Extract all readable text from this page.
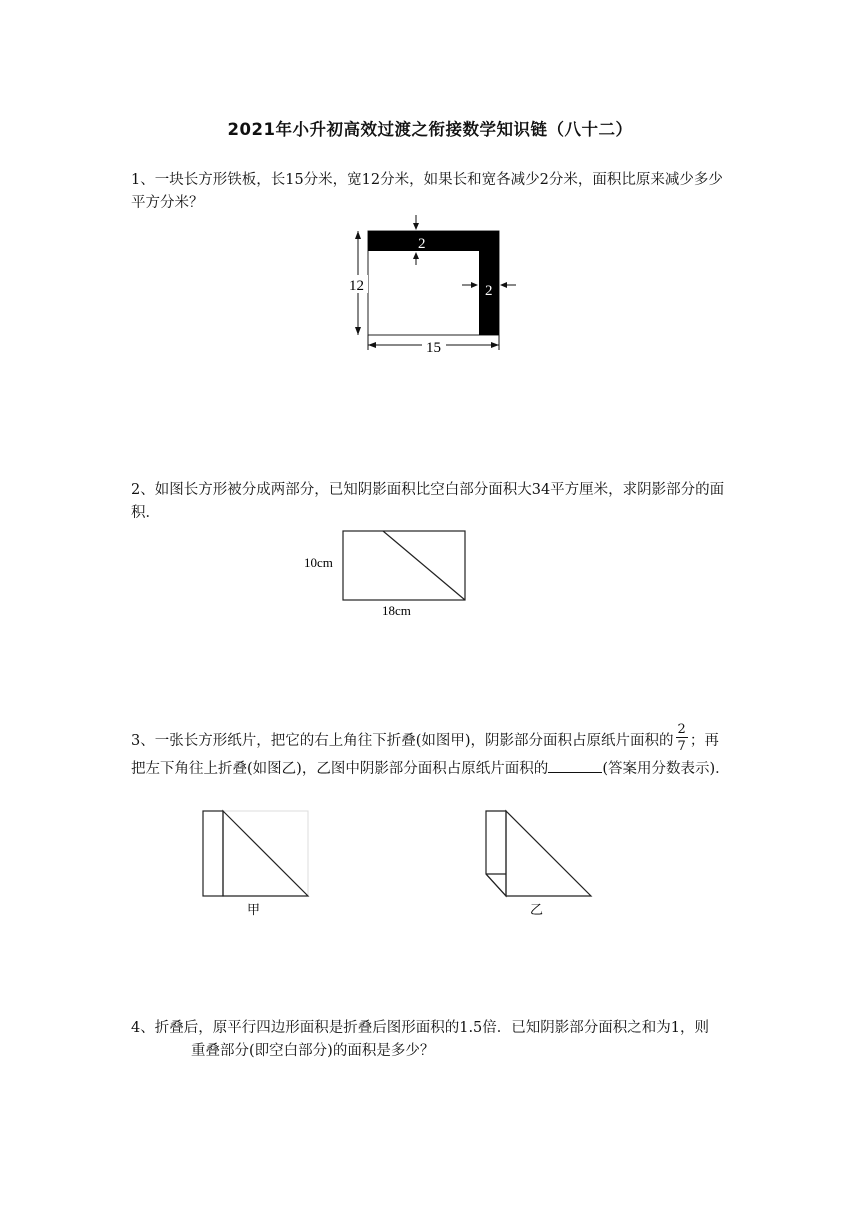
2021年小升初高效过渡之衔接数学知识链（八十二）
1、一块长方形铁板，长15分米，宽12分米，如果长和宽各减少2分米，面积比原来减少多少平方分米？
2
2
12
15
2、如图长方形被分成两部分，已知阴影面积比空白部分面积大34平方厘米，求阴影部分的面积．
10cm
18cm
3、一张长方形纸片，把它的右上角往下折叠(如图甲)，阴影部分面积占原纸片面积的 $\frac{2}{7}$ ；再把左下角往上折叠(如图乙)，乙图中阴影部分面积占原纸片面积的	(答案用分数表示)．
甲	乙
4、折叠后，原平行四边形面积是折叠后图形面积的1.5倍．已知阴影部分面积之和为1，则
重叠部分(即空白部分)的面积是多少？
